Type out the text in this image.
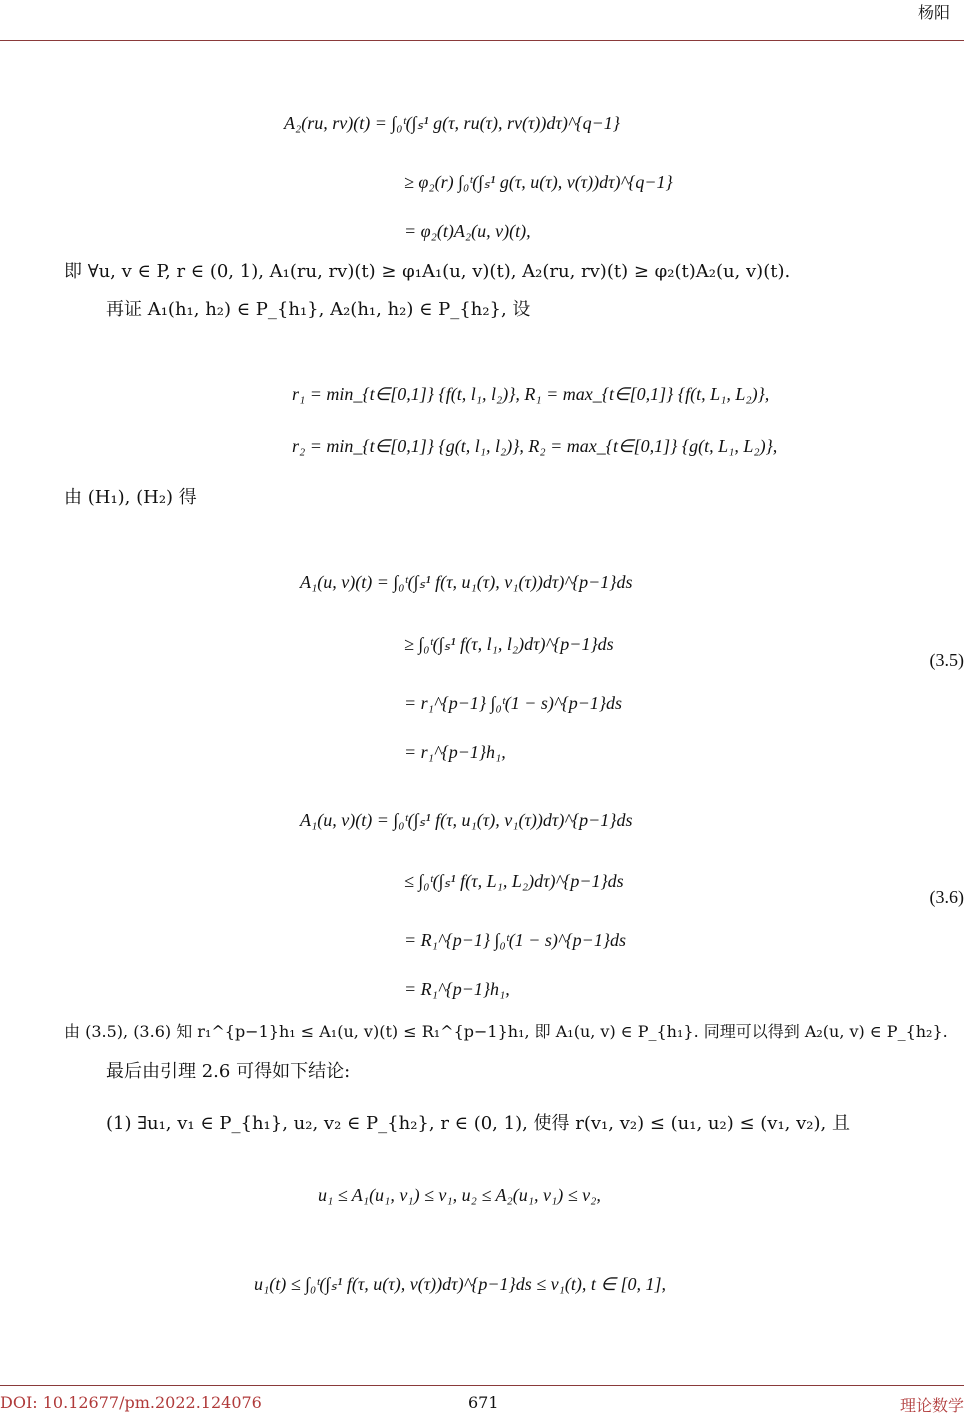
杨阳
A₂(ru, rv)(t) = ∫₀ᵗ(∫ₛ¹ g(τ, ru(τ), rv(τ))dτ)^{q−1}
≥ φ₂(r) ∫₀ᵗ(∫ₛ¹ g(τ, u(τ), v(τ))dτ)^{q−1}
= φ₂(t)A₂(u, v)(t),
即 ∀u, v ∈ P, r ∈ (0, 1), A₁(ru, rv)(t) ≥ φ₁A₁(u, v)(t), A₂(ru, rv)(t) ≥ φ₂(t)A₂(u, v)(t).
再证 A₁(h₁, h₂) ∈ P_{h₁}, A₂(h₁, h₂) ∈ P_{h₂}, 设
r₁ = min_{t∈[0,1]} {f(t, l₁, l₂)}, R₁ = max_{t∈[0,1]} {f(t, L₁, L₂)},
r₂ = min_{t∈[0,1]} {g(t, l₁, l₂)}, R₂ = max_{t∈[0,1]} {g(t, L₁, L₂)},
由 (H₁), (H₂) 得
A₁(u, v)(t) = ∫₀ᵗ(∫ₛ¹ f(τ, u₁(τ), v₁(τ))dτ)^{p−1}ds
≥ ∫₀ᵗ(∫ₛ¹ f(τ, l₁, l₂)dτ)^{p−1}ds
= r₁^{p−1} ∫₀ᵗ(1 − s)^{p−1}ds
= r₁^{p−1}h₁,
(3.5)
A₁(u, v)(t) = ∫₀ᵗ(∫ₛ¹ f(τ, u₁(τ), v₁(τ))dτ)^{p−1}ds
≤ ∫₀ᵗ(∫ₛ¹ f(τ, L₁, L₂)dτ)^{p−1}ds
= R₁^{p−1} ∫₀ᵗ(1 − s)^{p−1}ds
= R₁^{p−1}h₁,
(3.6)
由 (3.5), (3.6) 知 r₁^{p−1}h₁ ≤ A₁(u, v)(t) ≤ R₁^{p−1}h₁, 即 A₁(u, v) ∈ P_{h₁}. 同理可以得到 A₂(u, v) ∈ P_{h₂}.
最后由引理 2.6 可得如下结论:
(1) ∃u₁, v₁ ∈ P_{h₁}, u₂, v₂ ∈ P_{h₂}, r ∈ (0, 1), 使得 r(v₁, v₂) ≤ (u₁, u₂) ≤ (v₁, v₂), 且
u₁ ≤ A₁(u₁, v₁) ≤ v₁, u₂ ≤ A₂(u₁, v₁) ≤ v₂,
u₁(t) ≤ ∫₀ᵗ(∫ₛ¹ f(τ, u(τ), v(τ))dτ)^{p−1}ds ≤ v₁(t), t ∈ [0, 1],
DOI: 10.12677/pm.2022.124076	671	理论数学
